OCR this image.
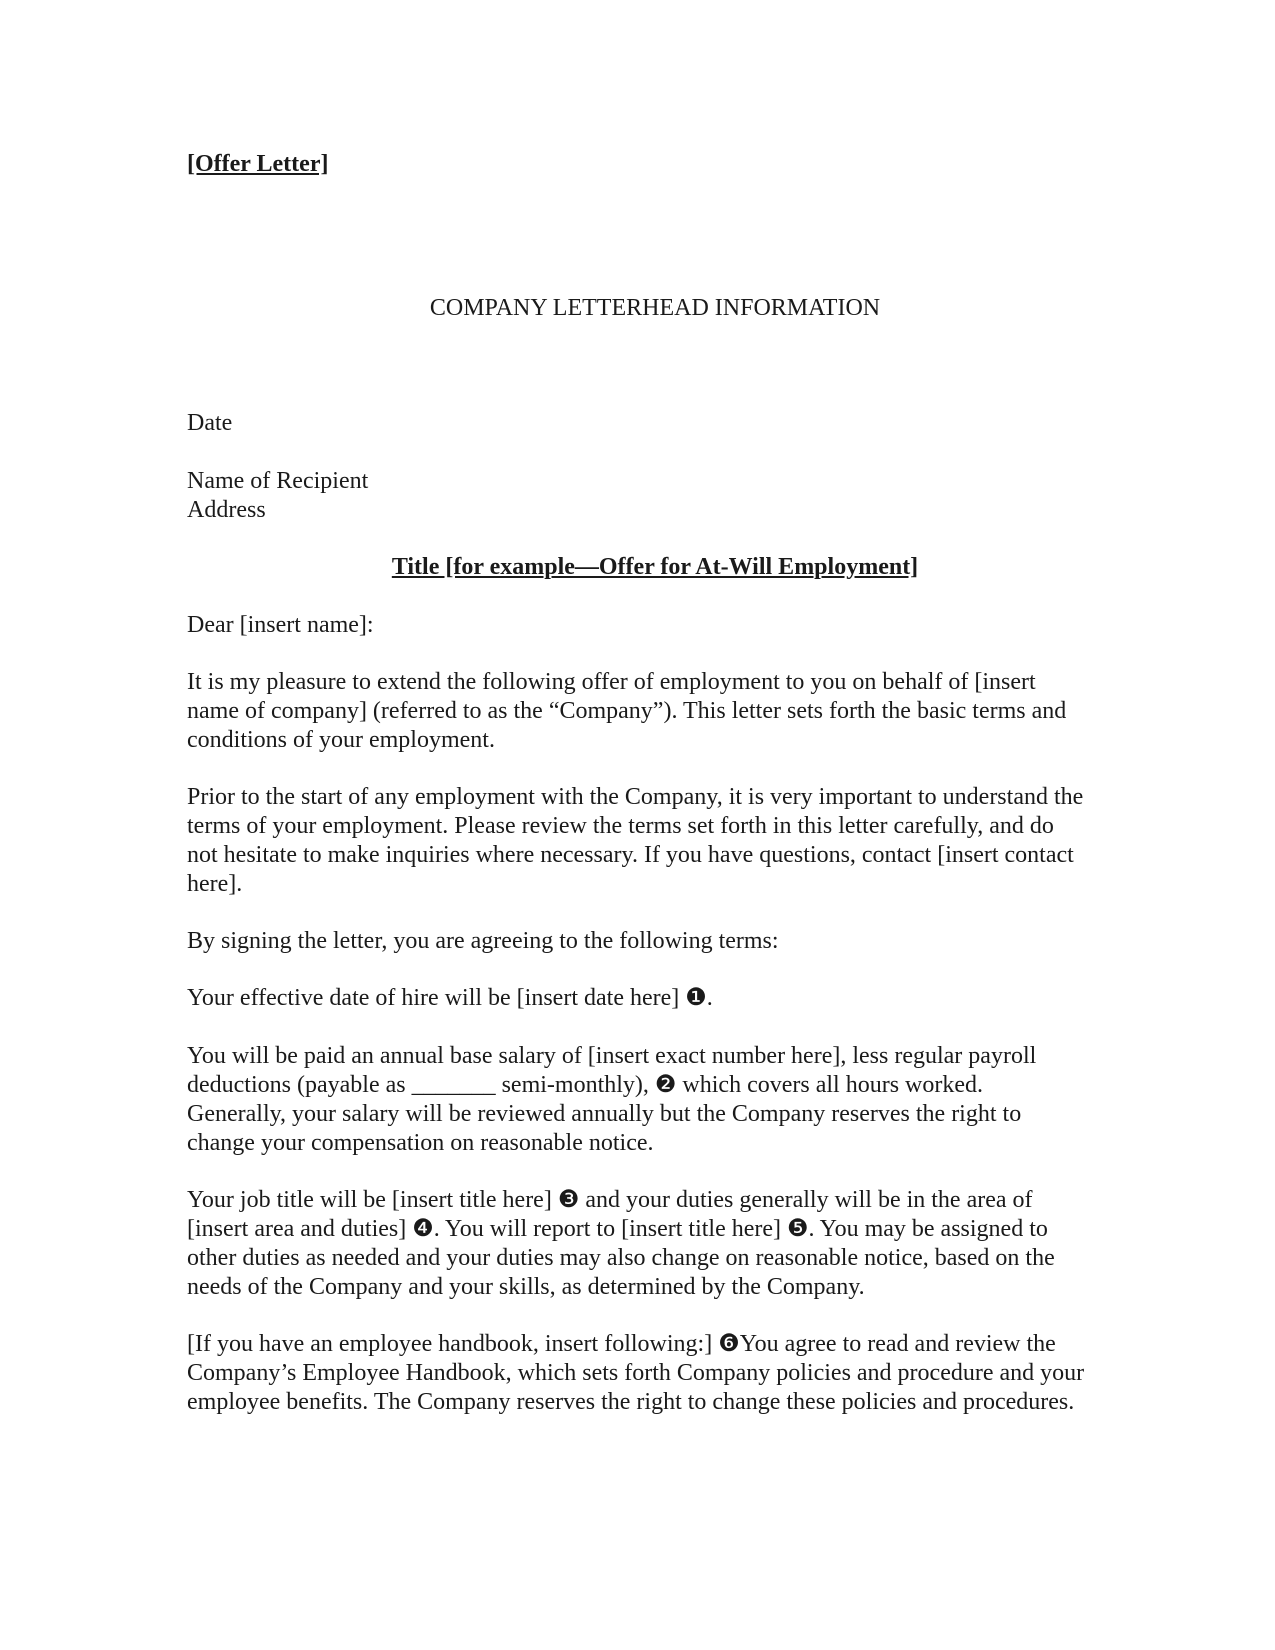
[Offer Letter]
COMPANY LETTERHEAD INFORMATION
Date
Name of Recipient
Address
Title [for example—Offer for At-Will Employment]
Dear [insert name]:
It is my pleasure to extend the following offer of employment to you on behalf of [insert
name of company] (referred to as the “Company”). This letter sets forth the basic terms and
conditions of your employment.
Prior to the start of any employment with the Company, it is very important to understand the
terms of your employment. Please review the terms set forth in this letter carefully, and do
not hesitate to make inquiries where necessary. If you have questions, contact [insert contact
here].
By signing the letter, you are agreeing to the following terms:
Your effective date of hire will be [insert date here] ❶.
You will be paid an annual base salary of [insert exact number here], less regular payroll
deductions (payable as _______ semi-monthly), ❷ which covers all hours worked.
Generally, your salary will be reviewed annually but the Company reserves the right to
change your compensation on reasonable notice.
Your job title will be [insert title here] ❸ and your duties generally will be in the area of
[insert area and duties] ❹. You will report to [insert title here] ❺. You may be assigned to
other duties as needed and your duties may also change on reasonable notice, based on the
needs of the Company and your skills, as determined by the Company.
[If you have an employee handbook, insert following:] ❻You agree to read and review the
Company’s Employee Handbook, which sets forth Company policies and procedure and your
employee benefits. The Company reserves the right to change these policies and procedures.
